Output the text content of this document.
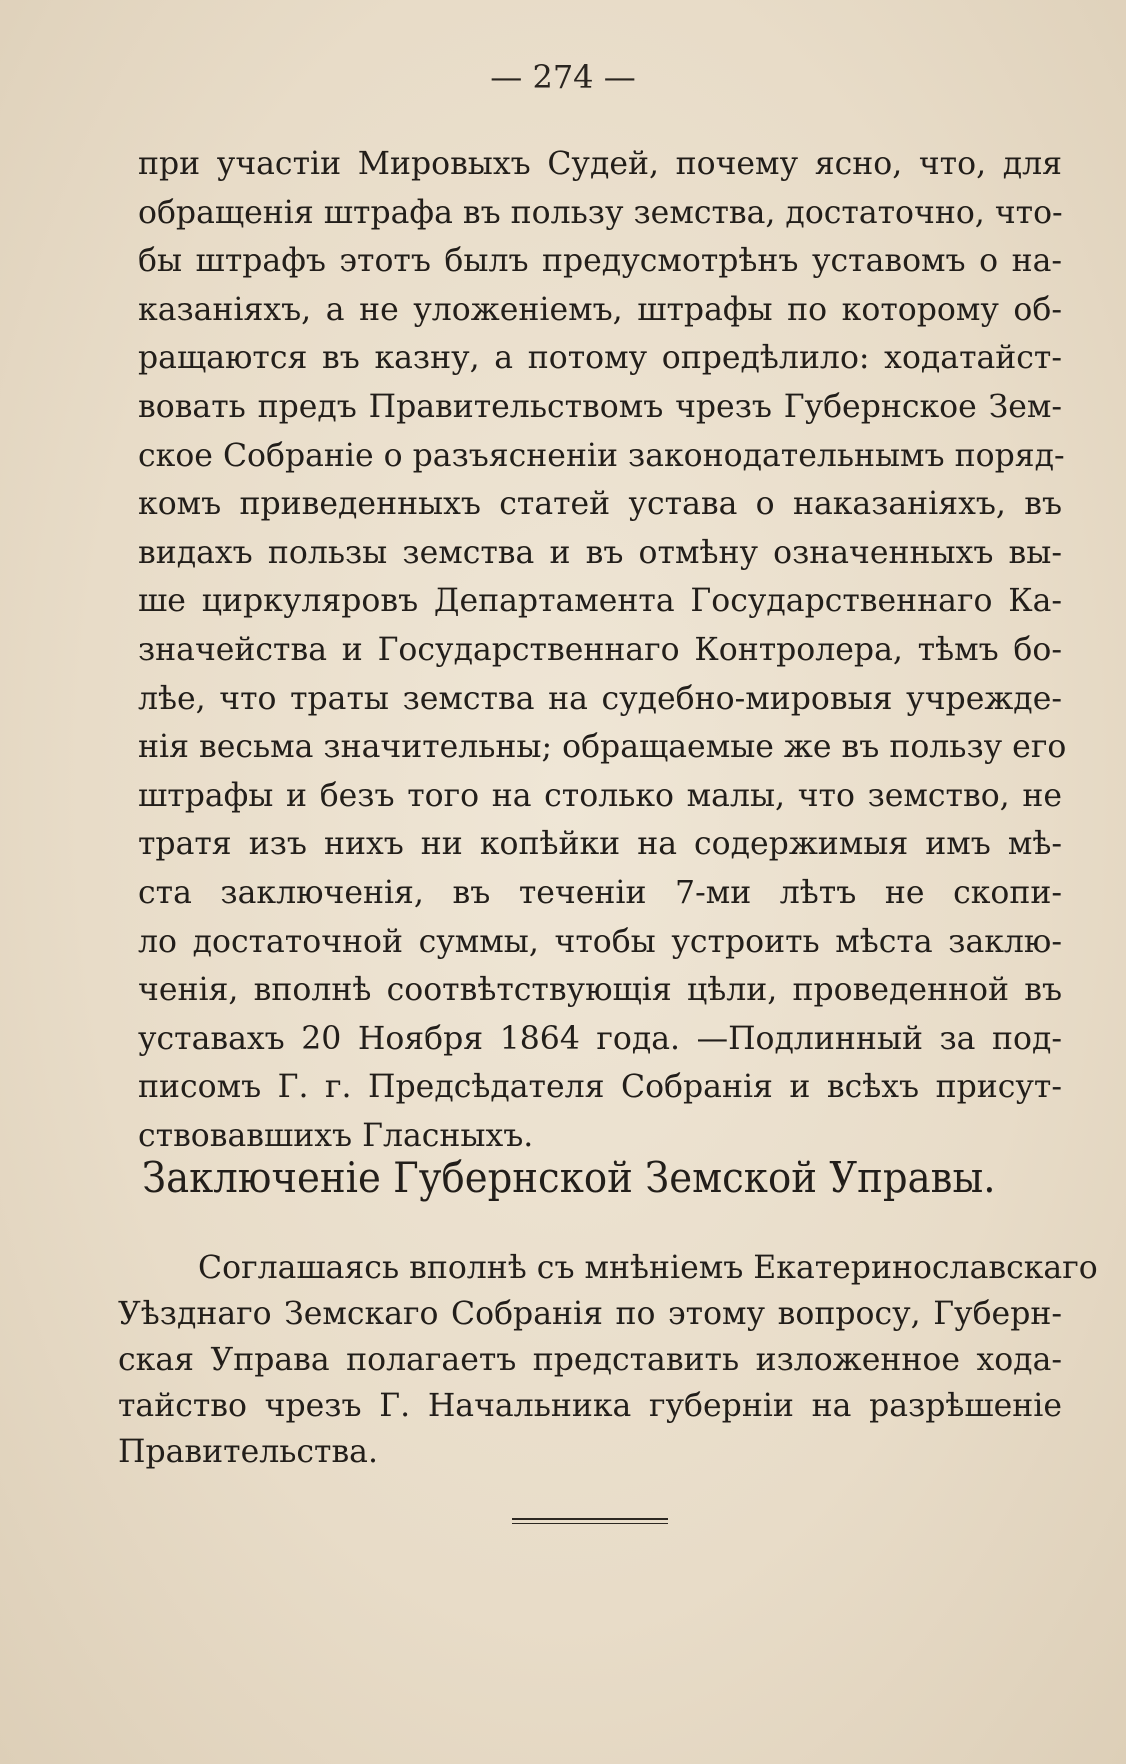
— 274 —
при участіи Мировыхъ Судей, почему ясно, что, для
обращенія штрафа въ пользу земства, достаточно, что-
бы штрафъ этотъ былъ предусмотрѣнъ уставомъ о на-
казаніяхъ, а не уложеніемъ, штрафы по которому об-
ращаются въ казну, а потому опредѣлило: ходатайст-
вовать предъ Правительствомъ чрезъ Губернское Зем-
ское Собраніе о разъясненіи законодательнымъ поряд-
комъ приведенныхъ статей устава о наказаніяхъ, въ
видахъ пользы земства и въ отмѣну означенныхъ вы-
ше циркуляровъ Департамента Государственнаго Ка-
значейства и Государственнаго Контролера, тѣмъ бо-
лѣе, что траты земства на судебно-мировыя учрежде-
нія весьма значительны; обращаемые же въ пользу его
штрафы и безъ того на столько малы, что земство, не
тратя изъ нихъ ни копѣйки на содержимыя имъ мѣ-
ста заключенія, въ теченіи 7-ми лѣтъ не скопи-
ло достаточной суммы, чтобы устроить мѣста заклю-
ченія, вполнѣ соотвѣтствующія цѣли, проведенной въ
уставахъ 20 Ноября 1864 года. —Подлинный за под-
писомъ Г. г. Предсѣдателя Собранія и всѣхъ присут-
ствовавшихъ Гласныхъ.
Заключеніе Губернской Земской Управы.
Соглашаясь вполнѣ съ мнѣніемъ Екатеринославскаго
Уѣзднаго Земскаго Собранія по этому вопросу, Губерн-
ская Управа полагаетъ представить изложенное хода-
тайство чрезъ Г. Начальника губерніи на разрѣшеніе
Правительства.
